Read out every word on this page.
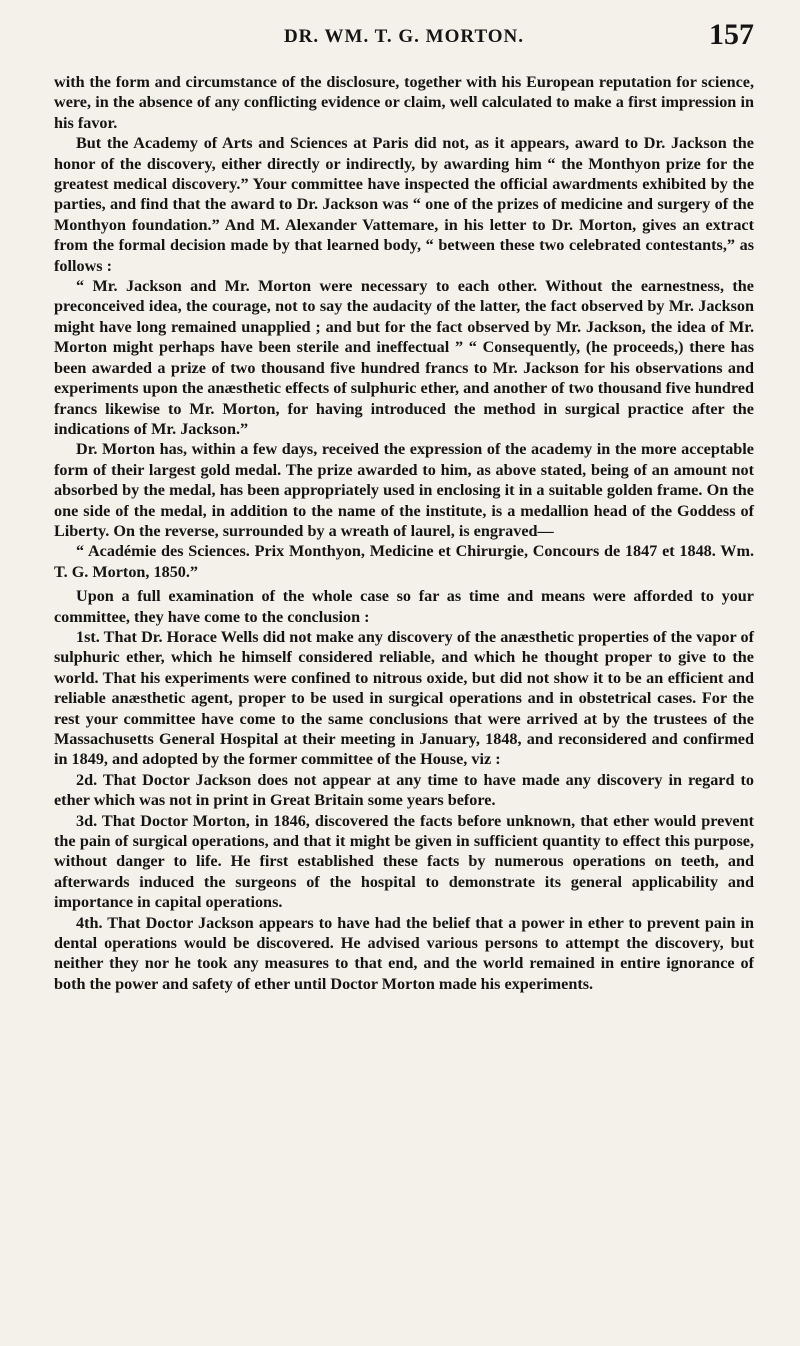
DR. WM. T. G. MORTON.	157

with the form and circumstance of the disclosure, together with his European reputation for science, were, in the absence of any conflicting evidence or claim, well calculated to make a first impression in his favor.

But the Academy of Arts and Sciences at Paris did not, as it appears, award to Dr. Jackson the honor of the discovery, either directly or indirectly, by awarding him “ the Monthyon prize for the greatest medical discovery.” Your committee have inspected the official awardments exhibited by the parties, and find that the award to Dr. Jackson was “ one of the prizes of medicine and surgery of the Monthyon foundation.” And M. Alexander Vattemare, in his letter to Dr. Morton, gives an extract from the formal decision made by that learned body, “ between these two celebrated contestants,” as follows :

“ Mr. Jackson and Mr. Morton were necessary to each other. Without the earnestness, the preconceived idea, the courage, not to say the audacity of the latter, the fact observed by Mr. Jackson might have long remained unapplied ; and but for the fact observed by Mr. Jackson, the idea of Mr. Morton might perhaps have been sterile and ineffectual ” “ Consequently, (he proceeds,) there has been awarded a prize of two thousand five hundred francs to Mr. Jackson for his observations and experiments upon the anæsthetic effects of sulphuric ether, and another of two thousand five hundred francs likewise to Mr. Morton, for having introduced the method in surgical practice after the indications of Mr. Jackson.”

Dr. Morton has, within a few days, received the expression of the academy in the more acceptable form of their largest gold medal. The prize awarded to him, as above stated, being of an amount not absorbed by the medal, has been appropriately used in enclosing it in a suitable golden frame. On the one side of the medal, in addition to the name of the institute, is a medallion head of the Goddess of Liberty. On the reverse, surrounded by a wreath of laurel, is engraved—

“ Académie des Sciences. Prix Monthyon, Medicine et Chirurgie, Concours de 1847 et 1848. Wm. T. G. Morton, 1850.”

Upon a full examination of the whole case so far as time and means were afforded to your committee, they have come to the conclusion :

1st. That Dr. Horace Wells did not make any discovery of the anæsthetic properties of the vapor of sulphuric ether, which he himself considered reliable, and which he thought proper to give to the world. That his experiments were confined to nitrous oxide, but did not show it to be an efficient and reliable anæsthetic agent, proper to be used in surgical operations and in obstetrical cases. For the rest your committee have come to the same conclusions that were arrived at by the trustees of the Massachusetts General Hospital at their meeting in January, 1848, and reconsidered and confirmed in 1849, and adopted by the former committee of the House, viz :

2d. That Doctor Jackson does not appear at any time to have made any discovery in regard to ether which was not in print in Great Britain some years before.

3d. That Doctor Morton, in 1846, discovered the facts before unknown, that ether would prevent the pain of surgical operations, and that it might be given in sufficient quantity to effect this purpose, without danger to life. He first established these facts by numerous operations on teeth, and afterwards induced the surgeons of the hospital to demonstrate its general applicability and importance in capital operations.

4th. That Doctor Jackson appears to have had the belief that a power in ether to prevent pain in dental operations would be discovered. He advised various persons to attempt the discovery, but neither they nor he took any measures to that end, and the world remained in entire ignorance of both the power and safety of ether until Doctor Morton made his experiments.
